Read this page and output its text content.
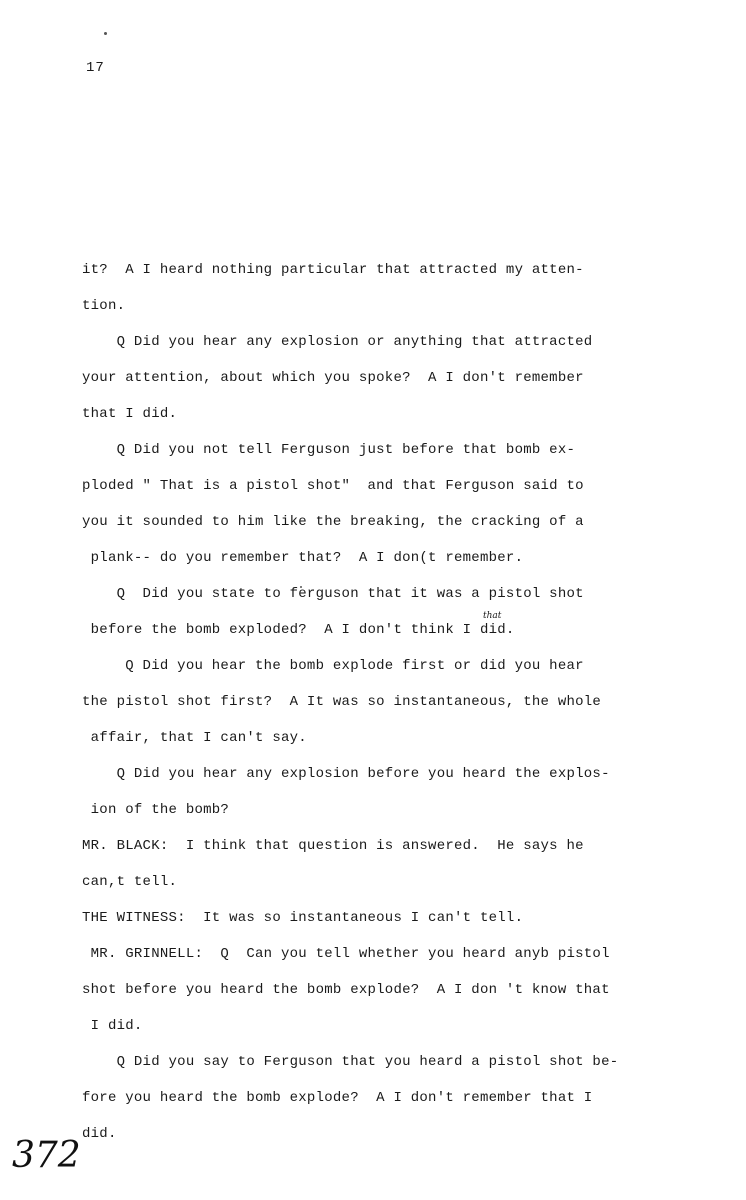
17
it?  A I heard nothing particular that attracted my atten-
tion.
Q Did you hear any explosion or anything that attracted
your attention, about which you spoke?  A I don't remember
that I did.
Q Did you not tell Ferguson just before that bomb ex-
ploded " That is a pistol shot"  and that Ferguson said to
you it sounded to him like the breaking, the cracking of a
plank-- do you remember that?  A I don(t remember.
Q  Did you state to ferguson that it was a pistol shot
before the bomb exploded?  A I don't think I did.
Q Did you hear the bomb explode first or did you hear
the pistol shot first?  A It was so instantaneous, the whole
affair, that I can't say.
Q Did you hear any explosion before you heard the explos-
ion of the bomb?
MR. BLACK:  I think that question is answered.  He says he
can,t tell.
THE WITNESS:  It was so instantaneous I can't tell.
MR. GRINNELL:  Q  Can you tell whether you heard anyb pistol
shot before you heard the bomb explode?  A I don 't know that
I did.
Q Did you say to Ferguson that you heard a pistol shot be-
fore you heard the bomb explode?  A I don't remember that I
did.
that
372
